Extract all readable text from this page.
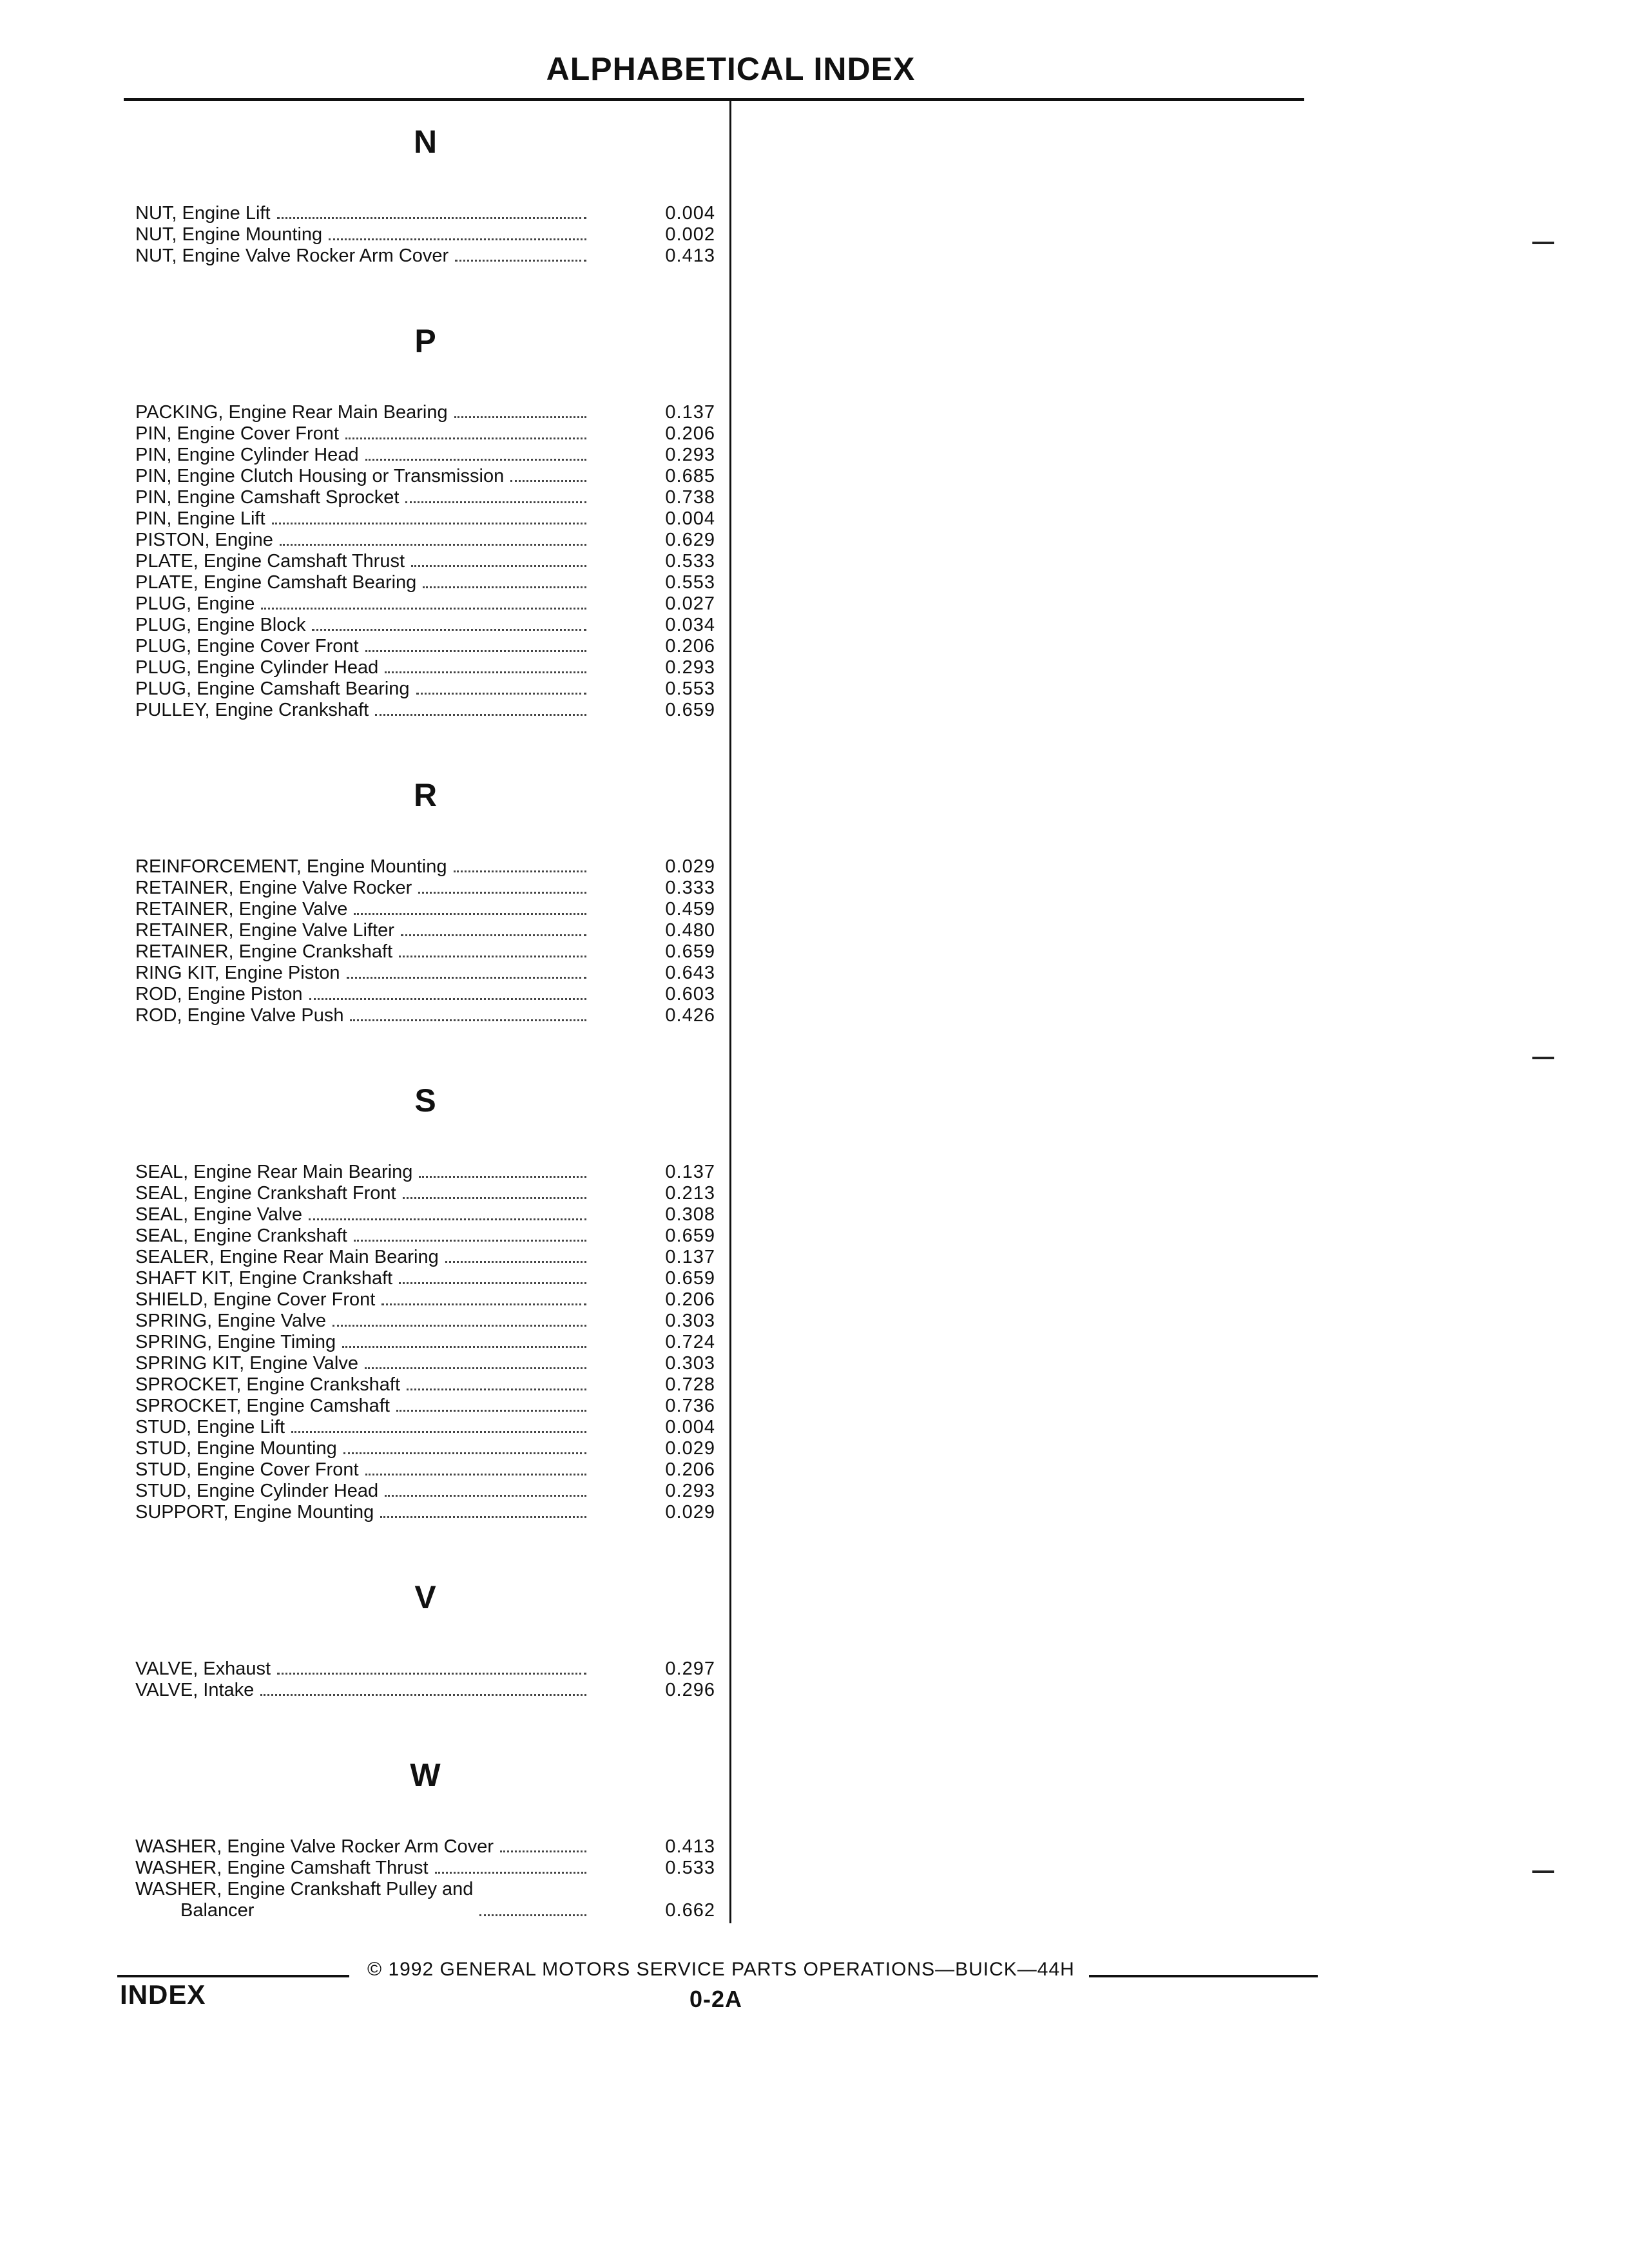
ALPHABETICAL INDEX
N
NUT, Engine Lift	0.004
NUT, Engine Mounting	0.002
NUT, Engine Valve Rocker Arm Cover	0.413
P
PACKING, Engine Rear Main Bearing	0.137
PIN, Engine Cover Front	0.206
PIN, Engine Cylinder Head	0.293
PIN, Engine Clutch Housing or Transmission	0.685
PIN, Engine Camshaft Sprocket	0.738
PIN, Engine Lift	0.004
PISTON, Engine	0.629
PLATE, Engine Camshaft Thrust	0.533
PLATE, Engine Camshaft Bearing	0.553
PLUG, Engine	0.027
PLUG, Engine Block	0.034
PLUG, Engine Cover Front	0.206
PLUG, Engine Cylinder Head	0.293
PLUG, Engine Camshaft Bearing	0.553
PULLEY, Engine Crankshaft	0.659
R
REINFORCEMENT, Engine Mounting	0.029
RETAINER, Engine Valve Rocker	0.333
RETAINER, Engine Valve	0.459
RETAINER, Engine Valve Lifter	0.480
RETAINER, Engine Crankshaft	0.659
RING KIT, Engine Piston	0.643
ROD, Engine Piston	0.603
ROD, Engine Valve Push	0.426
S
SEAL, Engine Rear Main Bearing	0.137
SEAL, Engine Crankshaft Front	0.213
SEAL, Engine Valve	0.308
SEAL, Engine Crankshaft	0.659
SEALER, Engine Rear Main Bearing	0.137
SHAFT KIT, Engine Crankshaft	0.659
SHIELD, Engine Cover Front	0.206
SPRING, Engine Valve	0.303
SPRING, Engine Timing	0.724
SPRING KIT, Engine Valve	0.303
SPROCKET, Engine Crankshaft	0.728
SPROCKET, Engine Camshaft	0.736
STUD, Engine Lift	0.004
STUD, Engine Mounting	0.029
STUD, Engine Cover Front	0.206
STUD, Engine Cylinder Head	0.293
SUPPORT, Engine Mounting	0.029
V
VALVE, Exhaust	0.297
VALVE, Intake	0.296
W
WASHER, Engine Valve Rocker Arm Cover	0.413
WASHER, Engine Camshaft Thrust	0.533
WASHER, Engine Crankshaft Pulley and
Balancer	0.662
© 1992 GENERAL MOTORS SERVICE PARTS OPERATIONS—BUICK—44H
INDEX	0-2A
